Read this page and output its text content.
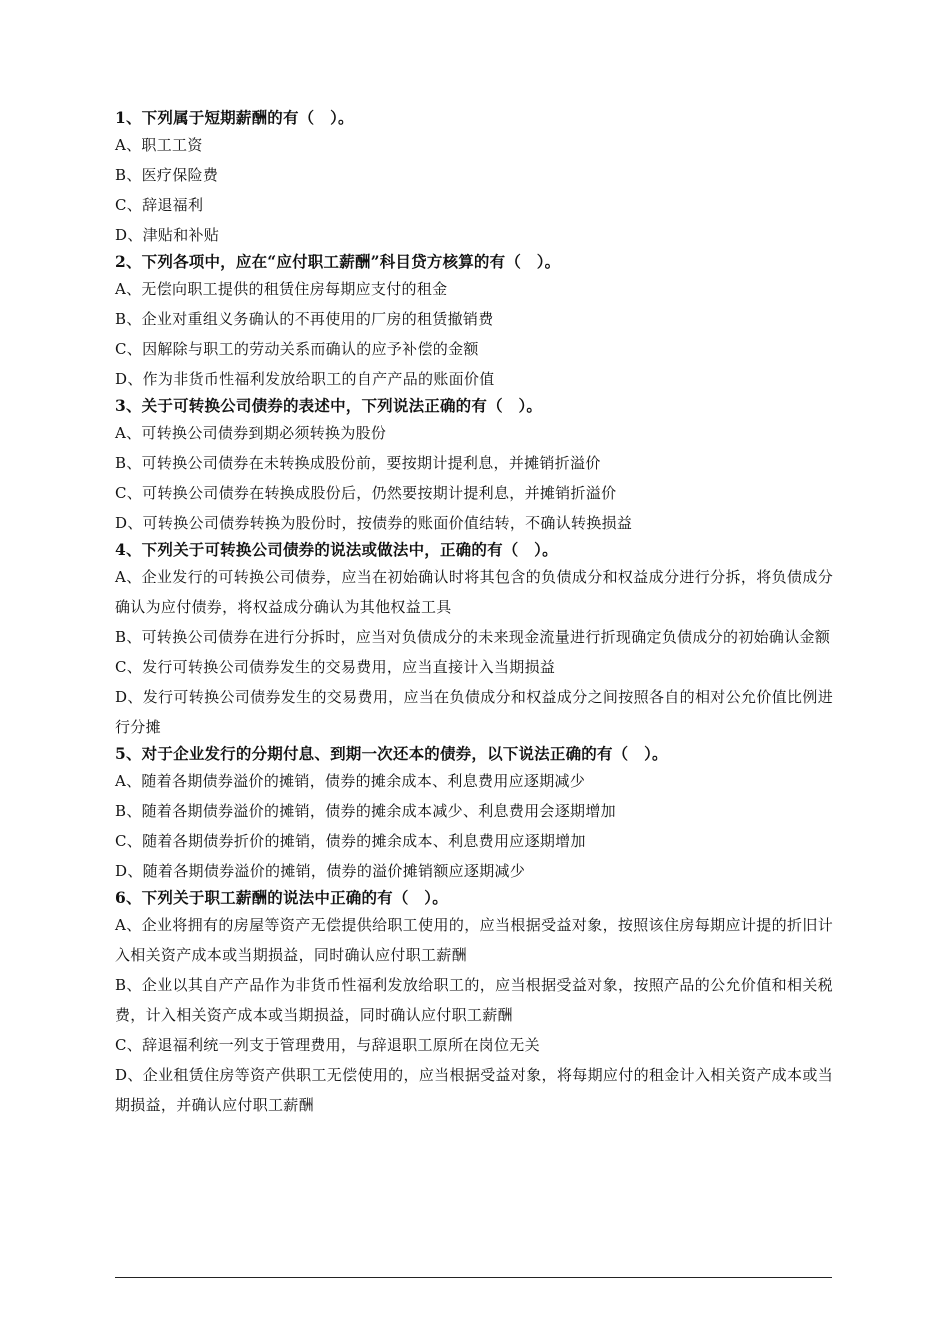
1、下列属于短期薪酬的有（　）。
A、职工工资
B、医疗保险费
C、辞退福利
D、津贴和补贴
2、下列各项中，应在“应付职工薪酬”科目贷方核算的有（　）。
A、无偿向职工提供的租赁住房每期应支付的租金
B、企业对重组义务确认的不再使用的厂房的租赁撤销费
C、因解除与职工的劳动关系而确认的应予补偿的金额
D、作为非货币性福利发放给职工的自产产品的账面价值
3、关于可转换公司债券的表述中，下列说法正确的有（　）。
A、可转换公司债券到期必须转换为股份
B、可转换公司债券在未转换成股份前，要按期计提利息，并摊销折溢价
C、可转换公司债券在转换成股份后，仍然要按期计提利息，并摊销折溢价
D、可转换公司债券转换为股份时，按债券的账面价值结转，不确认转换损益
4、下列关于可转换公司债券的说法或做法中，正确的有（　）。
A、企业发行的可转换公司债券，应当在初始确认时将其包含的负债成分和权益成分进行分拆，将负债成分确认为应付债券，将权益成分确认为其他权益工具
B、可转换公司债券在进行分拆时，应当对负债成分的未来现金流量进行折现确定负债成分的初始确认金额
C、发行可转换公司债券发生的交易费用，应当直接计入当期损益
D、发行可转换公司债券发生的交易费用，应当在负债成分和权益成分之间按照各自的相对公允价值比例进行分摊
5、对于企业发行的分期付息、到期一次还本的债券，以下说法正确的有（　）。
A、随着各期债券溢价的摊销，债券的摊余成本、利息费用应逐期减少
B、随着各期债券溢价的摊销，债券的摊余成本减少、利息费用会逐期增加
C、随着各期债券折价的摊销，债券的摊余成本、利息费用应逐期增加
D、随着各期债券溢价的摊销，债券的溢价摊销额应逐期减少
6、下列关于职工薪酬的说法中正确的有（　）。
A、企业将拥有的房屋等资产无偿提供给职工使用的，应当根据受益对象，按照该住房每期应计提的折旧计入相关资产成本或当期损益，同时确认应付职工薪酬
B、企业以其自产产品作为非货币性福利发放给职工的，应当根据受益对象，按照产品的公允价值和相关税费，计入相关资产成本或当期损益，同时确认应付职工薪酬
C、辞退福利统一列支于管理费用，与辞退职工原所在岗位无关
D、企业租赁住房等资产供职工无偿使用的，应当根据受益对象，将每期应付的租金计入相关资产成本或当期损益，并确认应付职工薪酬
